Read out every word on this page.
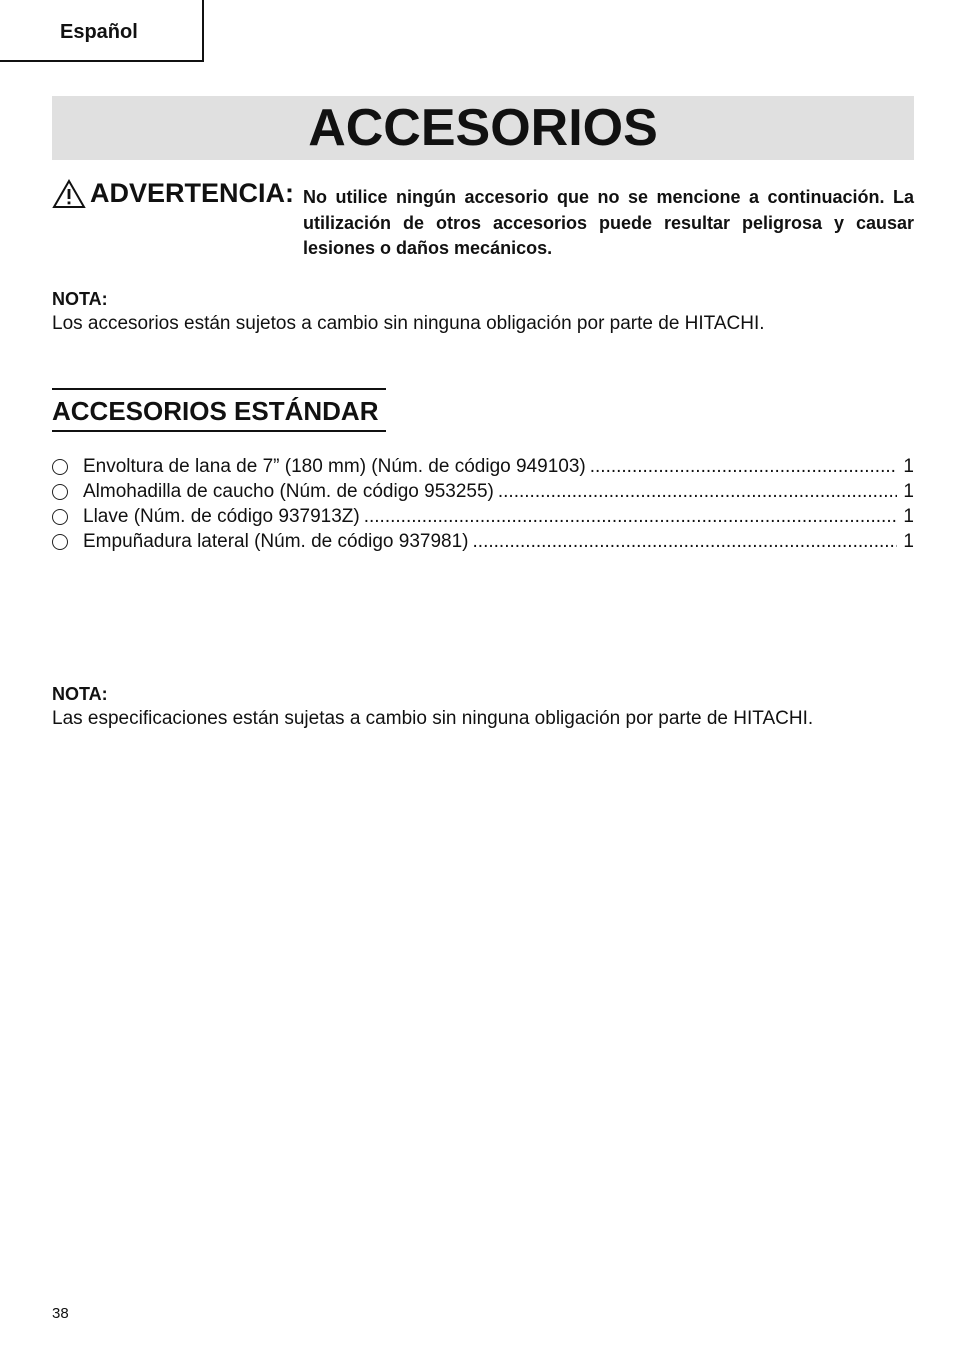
Español
ACCESORIOS
ADVERTENCIA: No utilice ningún accesorio que no se mencione a continuación. La utilización de otros accesorios puede resultar peligrosa y causar lesiones o daños mecánicos.
NOTA:
Los accesorios están sujetos a cambio sin ninguna obligación por parte de HITACHI.
ACCESORIOS ESTÁNDAR
Envoltura de lana de 7” (180 mm) (Núm. de código 949103) .....	1
Almohadilla de caucho (Núm. de código 953255) .....	1
Llave (Núm. de código 937913Z) .....	1
Empuñadura lateral (Núm. de código 937981) .....	1
NOTA:
Las especificaciones están sujetas a cambio sin ninguna obligación por parte de HITACHI.
38
